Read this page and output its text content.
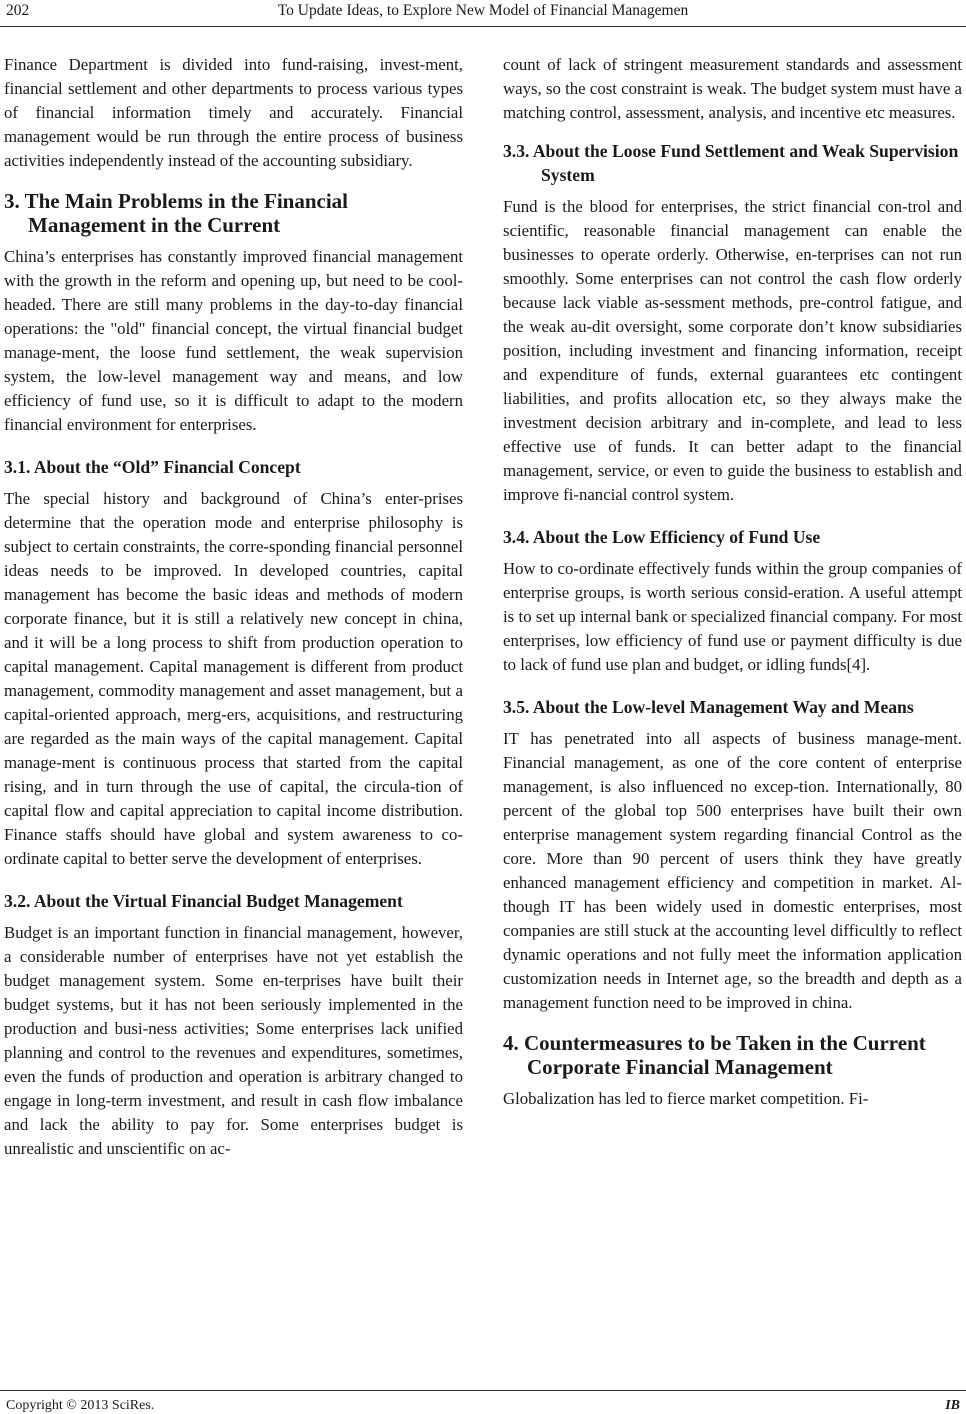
202	To Update Ideas, to Explore New Model of Financial Managemen

Finance Department is divided into fund-raising, invest-ment, financial settlement and other departments to process various types of financial information timely and accurately. Financial management would be run through the entire process of business activities independently instead of the accounting subsidiary.

3. The Main Problems in the Financial Management in the Current

China’s enterprises has constantly improved financial management with the growth in the reform and opening up, but need to be cool-headed. There are still many problems in the day-to-day financial operations: the "old" financial concept, the virtual financial budget manage-ment, the loose fund settlement, the weak supervision system, the low-level management way and means, and low efficiency of fund use, so it is difficult to adapt to the modern financial environment for enterprises.

3.1. About the “Old” Financial Concept

The special history and background of China’s enter-prises determine that the operation mode and enterprise philosophy is subject to certain constraints, the corre-sponding financial personnel ideas needs to be improved. In developed countries, capital management has become the basic ideas and methods of modern corporate finance, but it is still a relatively new concept in china, and it will be a long process to shift from production operation to capital management. Capital management is different from product management, commodity management and asset management, but a capital-oriented approach, merg-ers, acquisitions, and restructuring are regarded as the main ways of the capital management. Capital manage-ment is continuous process that started from the capital rising, and in turn through the use of capital, the circula-tion of capital flow and capital appreciation to capital income distribution. Finance staffs should have global and system awareness to co-ordinate capital to better serve the development of enterprises.

3.2. About the Virtual Financial Budget Management

Budget is an important function in financial management, however, a considerable number of enterprises have not yet establish the budget management system. Some en-terprises have built their budget systems, but it has not been seriously implemented in the production and busi-ness activities; Some enterprises lack unified planning and control to the revenues and expenditures, sometimes, even the funds of production and operation is arbitrary changed to engage in long-term investment, and result in cash flow imbalance and lack the ability to pay for. Some enterprises budget is unrealistic and unscientific on ac-

count of lack of stringent measurement standards and assessment ways, so the cost constraint is weak. The budget system must have a matching control, assessment, analysis, and incentive etc measures.

3.3. About the Loose Fund Settlement and Weak Supervision System

Fund is the blood for enterprises, the strict financial con-trol and scientific, reasonable financial management can enable the businesses to operate orderly. Otherwise, en-terprises can not run smoothly. Some enterprises can not control the cash flow orderly because lack viable as-sessment methods, pre-control fatigue, and the weak au-dit oversight, some corporate don’t know subsidiaries position, including investment and financing information, receipt and expenditure of funds, external guarantees etc contingent liabilities, and profits allocation etc, so they always make the investment decision arbitrary and in-complete, and lead to less effective use of funds. It can better adapt to the financial management, service, or even to guide the business to establish and improve fi-nancial control system.

3.4. About the Low Efficiency of Fund Use

How to co-ordinate effectively funds within the group companies of enterprise groups, is worth serious consid-eration. A useful attempt is to set up internal bank or specialized financial company. For most enterprises, low efficiency of fund use or payment difficulty is due to lack of fund use plan and budget, or idling funds[4].

3.5. About the Low-level Management Way and Means

IT has penetrated into all aspects of business manage-ment. Financial management, as one of the core content of enterprise management, is also influenced no excep-tion. Internationally, 80 percent of the global top 500 enterprises have built their own enterprise management system regarding financial Control as the core. More than 90 percent of users think they have greatly enhanced management efficiency and competition in market. Al-though IT has been widely used in domestic enterprises, most companies are still stuck at the accounting level difficultly to reflect dynamic operations and not fully meet the information application customization needs in Internet age, so the breadth and depth as a management function need to be improved in china.

4. Countermeasures to be Taken in the Current Corporate Financial Management

Globalization has led to fierce market competition. Fi-

Copyright © 2013 SciRes.	IB
